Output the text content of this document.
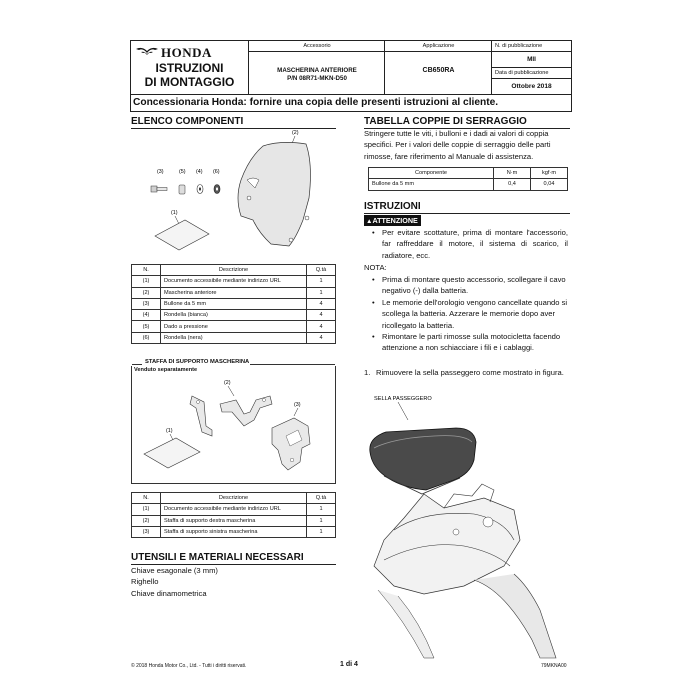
HONDA
ISTRUZIONI
DI MONTAGGIO
Accessorio
MASCHERINA ANTERIORE
P/N 08R71-MKN-D50
Applicazione
CB650RA
N. di pubblicazione
MII
Data di pubblicazione
Ottobre 2018
Concessionaria Honda: fornire una copia delle presenti istruzioni al cliente.
ELENCO COMPONENTI
(2)
(3)	(5) (4) (6)
(1)
N.	Descrizione	Q.tà
(1)	Documento accessibile mediante indirizzo URL	1
(2)	Mascherina anteriore	1
(3)	Bullone da 5 mm	4
(4)	Rondella (bianca)	4
(5)	Dado a pressione	4
(6)	Rondella (nera)	4
STAFFA DI SUPPORTO MASCHERINA
Venduto separatamente
(2)
(3)
(1)
N.	Descrizione	Q.tà
(1)	Documento accessibile mediante indirizzo URL	1
(2)	Staffa di supporto destra mascherina	1
(3)	Staffa di supporto sinistra mascherina	1
UTENSILI E MATERIALI NECESSARI
Chiave esagonale (3 mm)
Righello
Chiave dinamometrica
TABELLA COPPIE DI SERRAGGIO
Stringere tutte le viti, i bulloni e i dadi ai valori di coppia specifici. Per i valori delle coppie di serraggio delle parti rimosse, fare riferimento al Manuale di assistenza.
Componente	N·m	kgf·m
Bullone da 5 mm	0,4	0,04
ISTRUZIONI
▲ATTENZIONE
• Per evitare scottature, prima di montare l'accessorio, far raffreddare il motore, il sistema di scarico, il radiatore, ecc.
NOTA:
• Prima di montare questo accessorio, scollegare il cavo negativo (-) dalla batteria.
• Le memorie dell'orologio vengono cancellate quando si scollega la batteria. Azzerare le memorie dopo aver ricollegato la batteria.
• Rimontare le parti rimosse sulla motocicletta facendo attenzione a non schiacciare i fili e i cablaggi.
1. Rimuovere la sella passeggero come mostrato in figura.
SELLA PASSEGGERO
© 2018 Honda Motor Co., Ltd. - Tutti i diritti riservati.	1 di 4	79MKNA00
